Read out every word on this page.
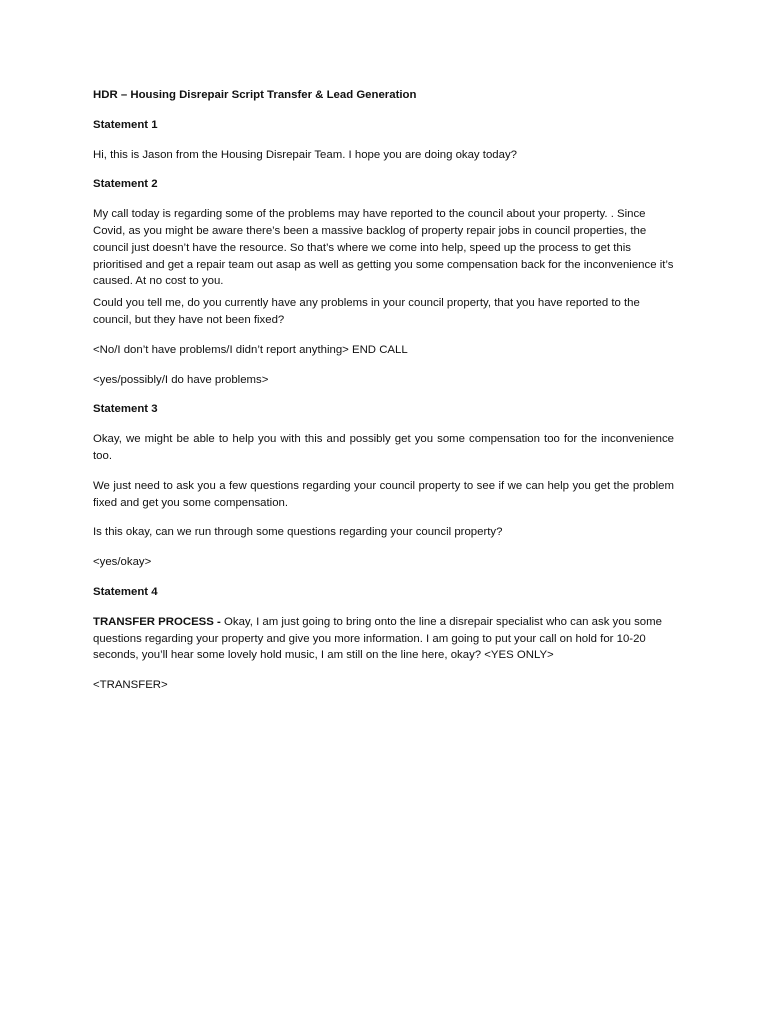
HDR – Housing Disrepair Script Transfer & Lead Generation

Statement 1

Hi, this is Jason from the Housing Disrepair Team. I hope you are doing okay today?

Statement 2

My call today is regarding some of the problems may have reported to the council about your property. . Since Covid, as you might be aware there’s been a massive backlog of property repair jobs in council properties, the council just doesn’t have the resource. So that’s where we come into help, speed up the process to get this prioritised and get a repair team out asap as well as getting you some compensation back for the inconvenience it’s caused. At no cost to you.

Could you tell me, do you currently have any problems in your council property, that you have reported to the council, but they have not been fixed?

<No/I don’t have problems/I didn’t report anything> END CALL

<yes/possibly/I do have problems>

Statement 3

Okay, we might be able to help you with this and possibly get you some compensation too for the inconvenience too.

We just need to ask you a few questions regarding your council property to see if we can help you get the problem fixed and get you some compensation.

Is this okay, can we run through some questions regarding your council property?

<yes/okay>

Statement 4

TRANSFER PROCESS - Okay, I am just going to bring onto the line a disrepair specialist who can ask you some questions regarding your property and give you more information. I am going to put your call on hold for 10-20 seconds, you’ll hear some lovely hold music, I am still on the line here, okay? <YES ONLY>

<TRANSFER>
